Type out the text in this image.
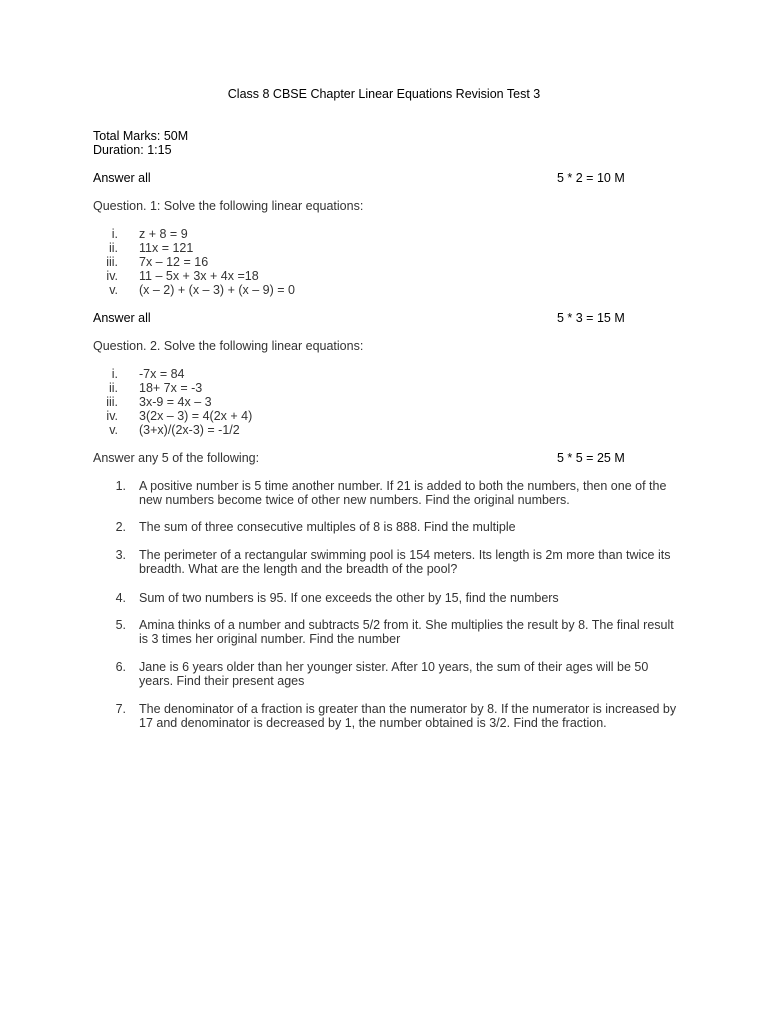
Class 8 CBSE Chapter Linear Equations Revision Test 3
Total Marks: 50M
Duration: 1:15
Answer all	5 * 2 = 10 M
Question. 1: Solve the following linear equations:
i. z + 8 = 9
ii. 11x = 121
iii. 7x – 12 = 16
iv. 11 – 5x + 3x + 4x =18
v. (x – 2) + (x – 3) + (x – 9) = 0
Answer all	5 * 3 = 15 M
Question. 2. Solve the following linear equations:
i. -7x = 84
ii. 18+ 7x = -3
iii. 3x-9 = 4x – 3
iv. 3(2x – 3) = 4(2x + 4)
v. (3+x)/(2x-3) = -1/2
Answer any 5 of the following:	5 * 5 = 25 M
1. A positive number is 5 time another number. If 21 is added to both the numbers, then one of the new numbers become twice of other new numbers. Find the original numbers.
2. The sum of three consecutive multiples of 8 is 888. Find the multiple
3. The perimeter of a rectangular swimming pool is 154 meters. Its length is 2m more than twice its breadth. What are the length and the breadth of the pool?
4. Sum of two numbers is 95. If one exceeds the other by 15, find the numbers
5. Amina thinks of a number and subtracts 5/2 from it. She multiplies the result by 8. The final result is 3 times her original number. Find the number
6. Jane is 6 years older than her younger sister. After 10 years, the sum of their ages will be 50 years. Find their present ages
7. The denominator of a fraction is greater than the numerator by 8. If the numerator is increased by 17 and denominator is decreased by 1, the number obtained is 3/2. Find the fraction.
